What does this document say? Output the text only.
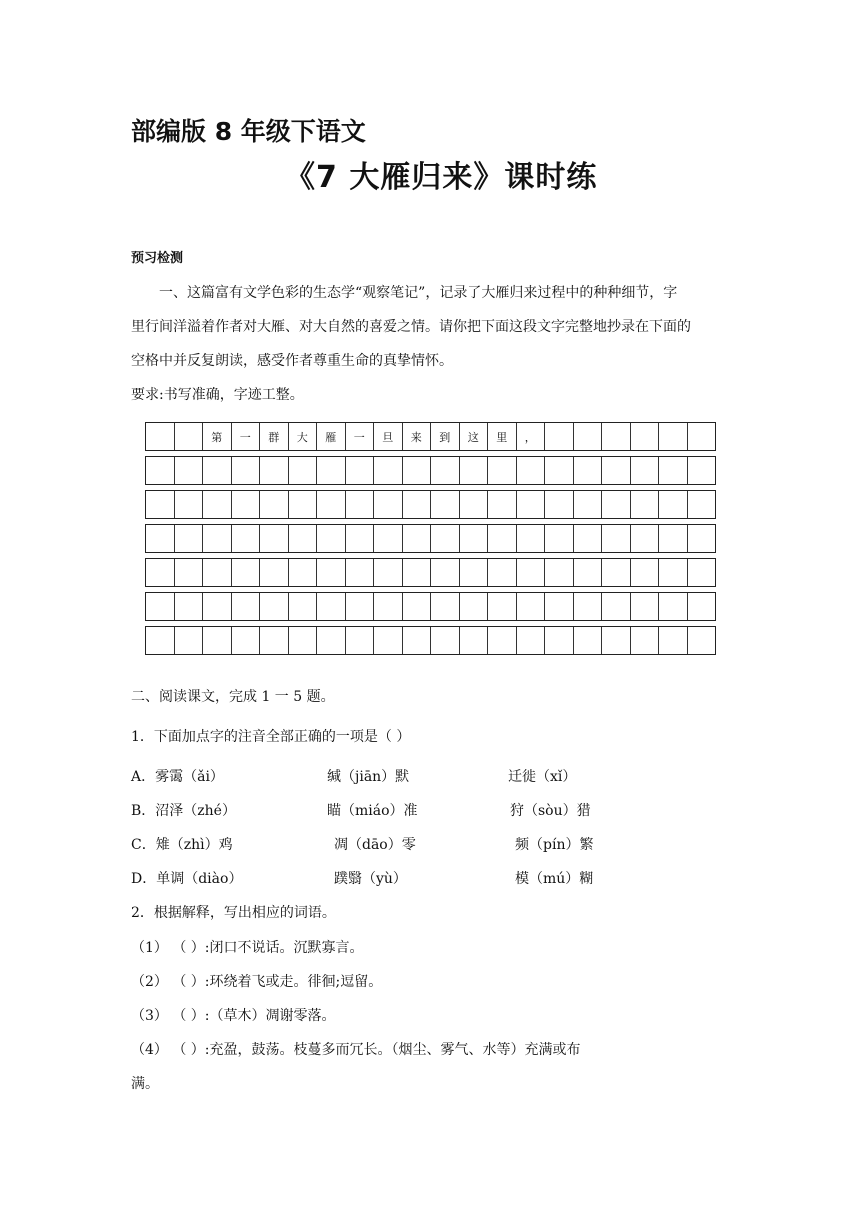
部编版 8 年级下语文
《7 大雁归来》课时练
预习检测
一、这篇富有文学色彩的生态学“观察笔记”，记录了大雁归来过程中的种种细节，字
里行间洋溢着作者对大雁、对大自然的喜爱之情。请你把下面这段文字完整地抄录在下面的
空格中并反复朗读，感受作者尊重生命的真挚情怀。
要求:书写准确，字迹工整。
第	一	群	大	雁	一	旦	来	到	这	里	，
二、阅读课文，完成 1 一 5 题。
1．下面加点字的注音全部正确的一项是（ ）
A．雾霭（ǎi）	缄（jiān）默	迁徙（xǐ）
B．沼泽（zhé）	瞄（miáo）准	狩（sòu）猎
C．雉（zhì）鸡	凋（dāo）零	频（pín）繁
D．单调（diào）	蹼翳（yù）	模（mú）糊
2．根据解释，写出相应的词语。
（1） （ ）:闭口不说话。沉默寡言。
（2） （ ）:环绕着飞或走。徘徊;逗留。
（3） （ ）:（草木）凋谢零落。
（4） （ ）:充盈，鼓荡。枝蔓多而冗长。（烟尘、雾气、水等）充满或布
满。
